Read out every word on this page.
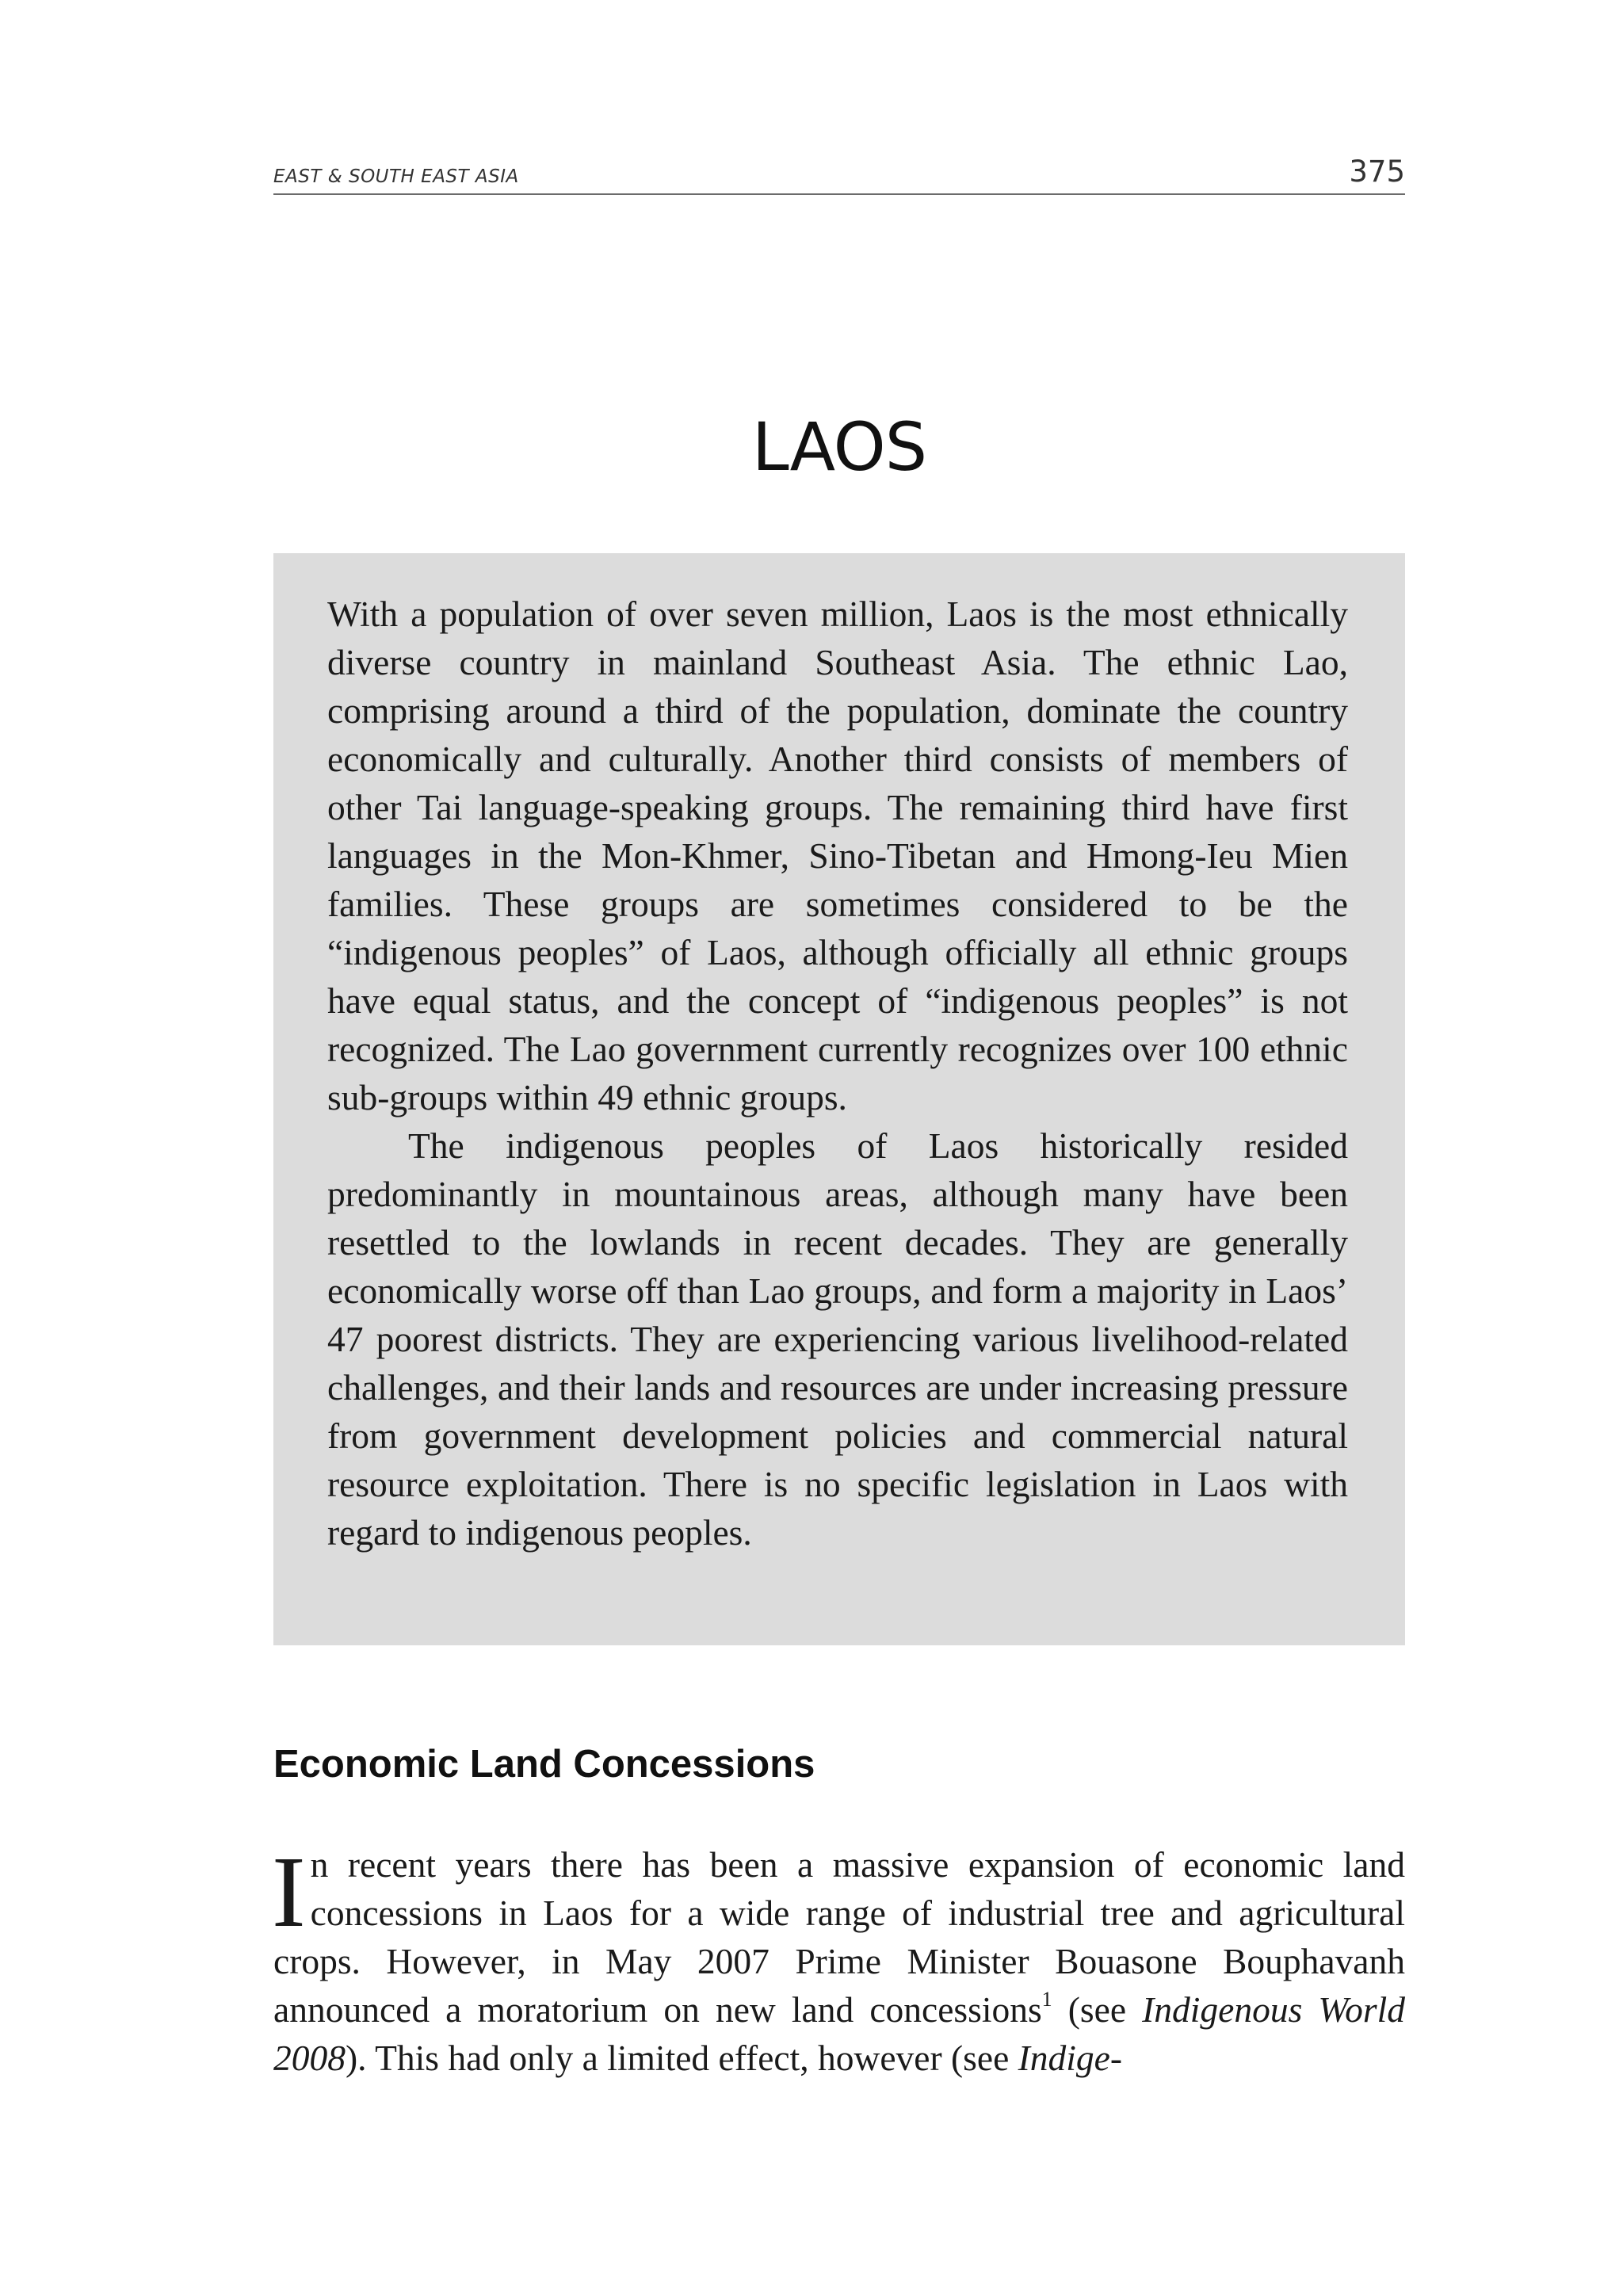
EAST & SOUTH EAST ASIA	375
LAOS

With a population of over seven million, Laos is the most ethnically diverse country in mainland Southeast Asia. The ethnic Lao, comprising around a third of the population, dominate the country economically and culturally. Another third consists of members of other Tai language-speaking groups. The remaining third have first languages in the Mon-Khmer, Sino-Tibetan and Hmong-Ieu Mien families. These groups are sometimes considered to be the “indigenous peoples” of Laos, although officially all ethnic groups have equal status, and the concept of “indigenous peoples” is not recognized. The Lao government currently recognizes over 100 ethnic sub-groups within 49 ethnic groups.

The indigenous peoples of Laos historically resided predominantly in mountainous areas, although many have been resettled to the lowlands in recent decades. They are generally economically worse off than Lao groups, and form a majority in Laos’ 47 poorest districts. They are experiencing various livelihood-related challenges, and their lands and resources are under increasing pressure from government development policies and commercial natural resource exploitation. There is no specific legislation in Laos with regard to indigenous peoples.

Economic Land Concessions

In recent years there has been a massive expansion of economic land concessions in Laos for a wide range of industrial tree and agricultural crops. However, in May 2007 Prime Minister Bouasone Bouphavanh announced a moratorium on new land concessions$^1$ (see Indigenous World 2008). This had only a limited effect, however (see Indige-
